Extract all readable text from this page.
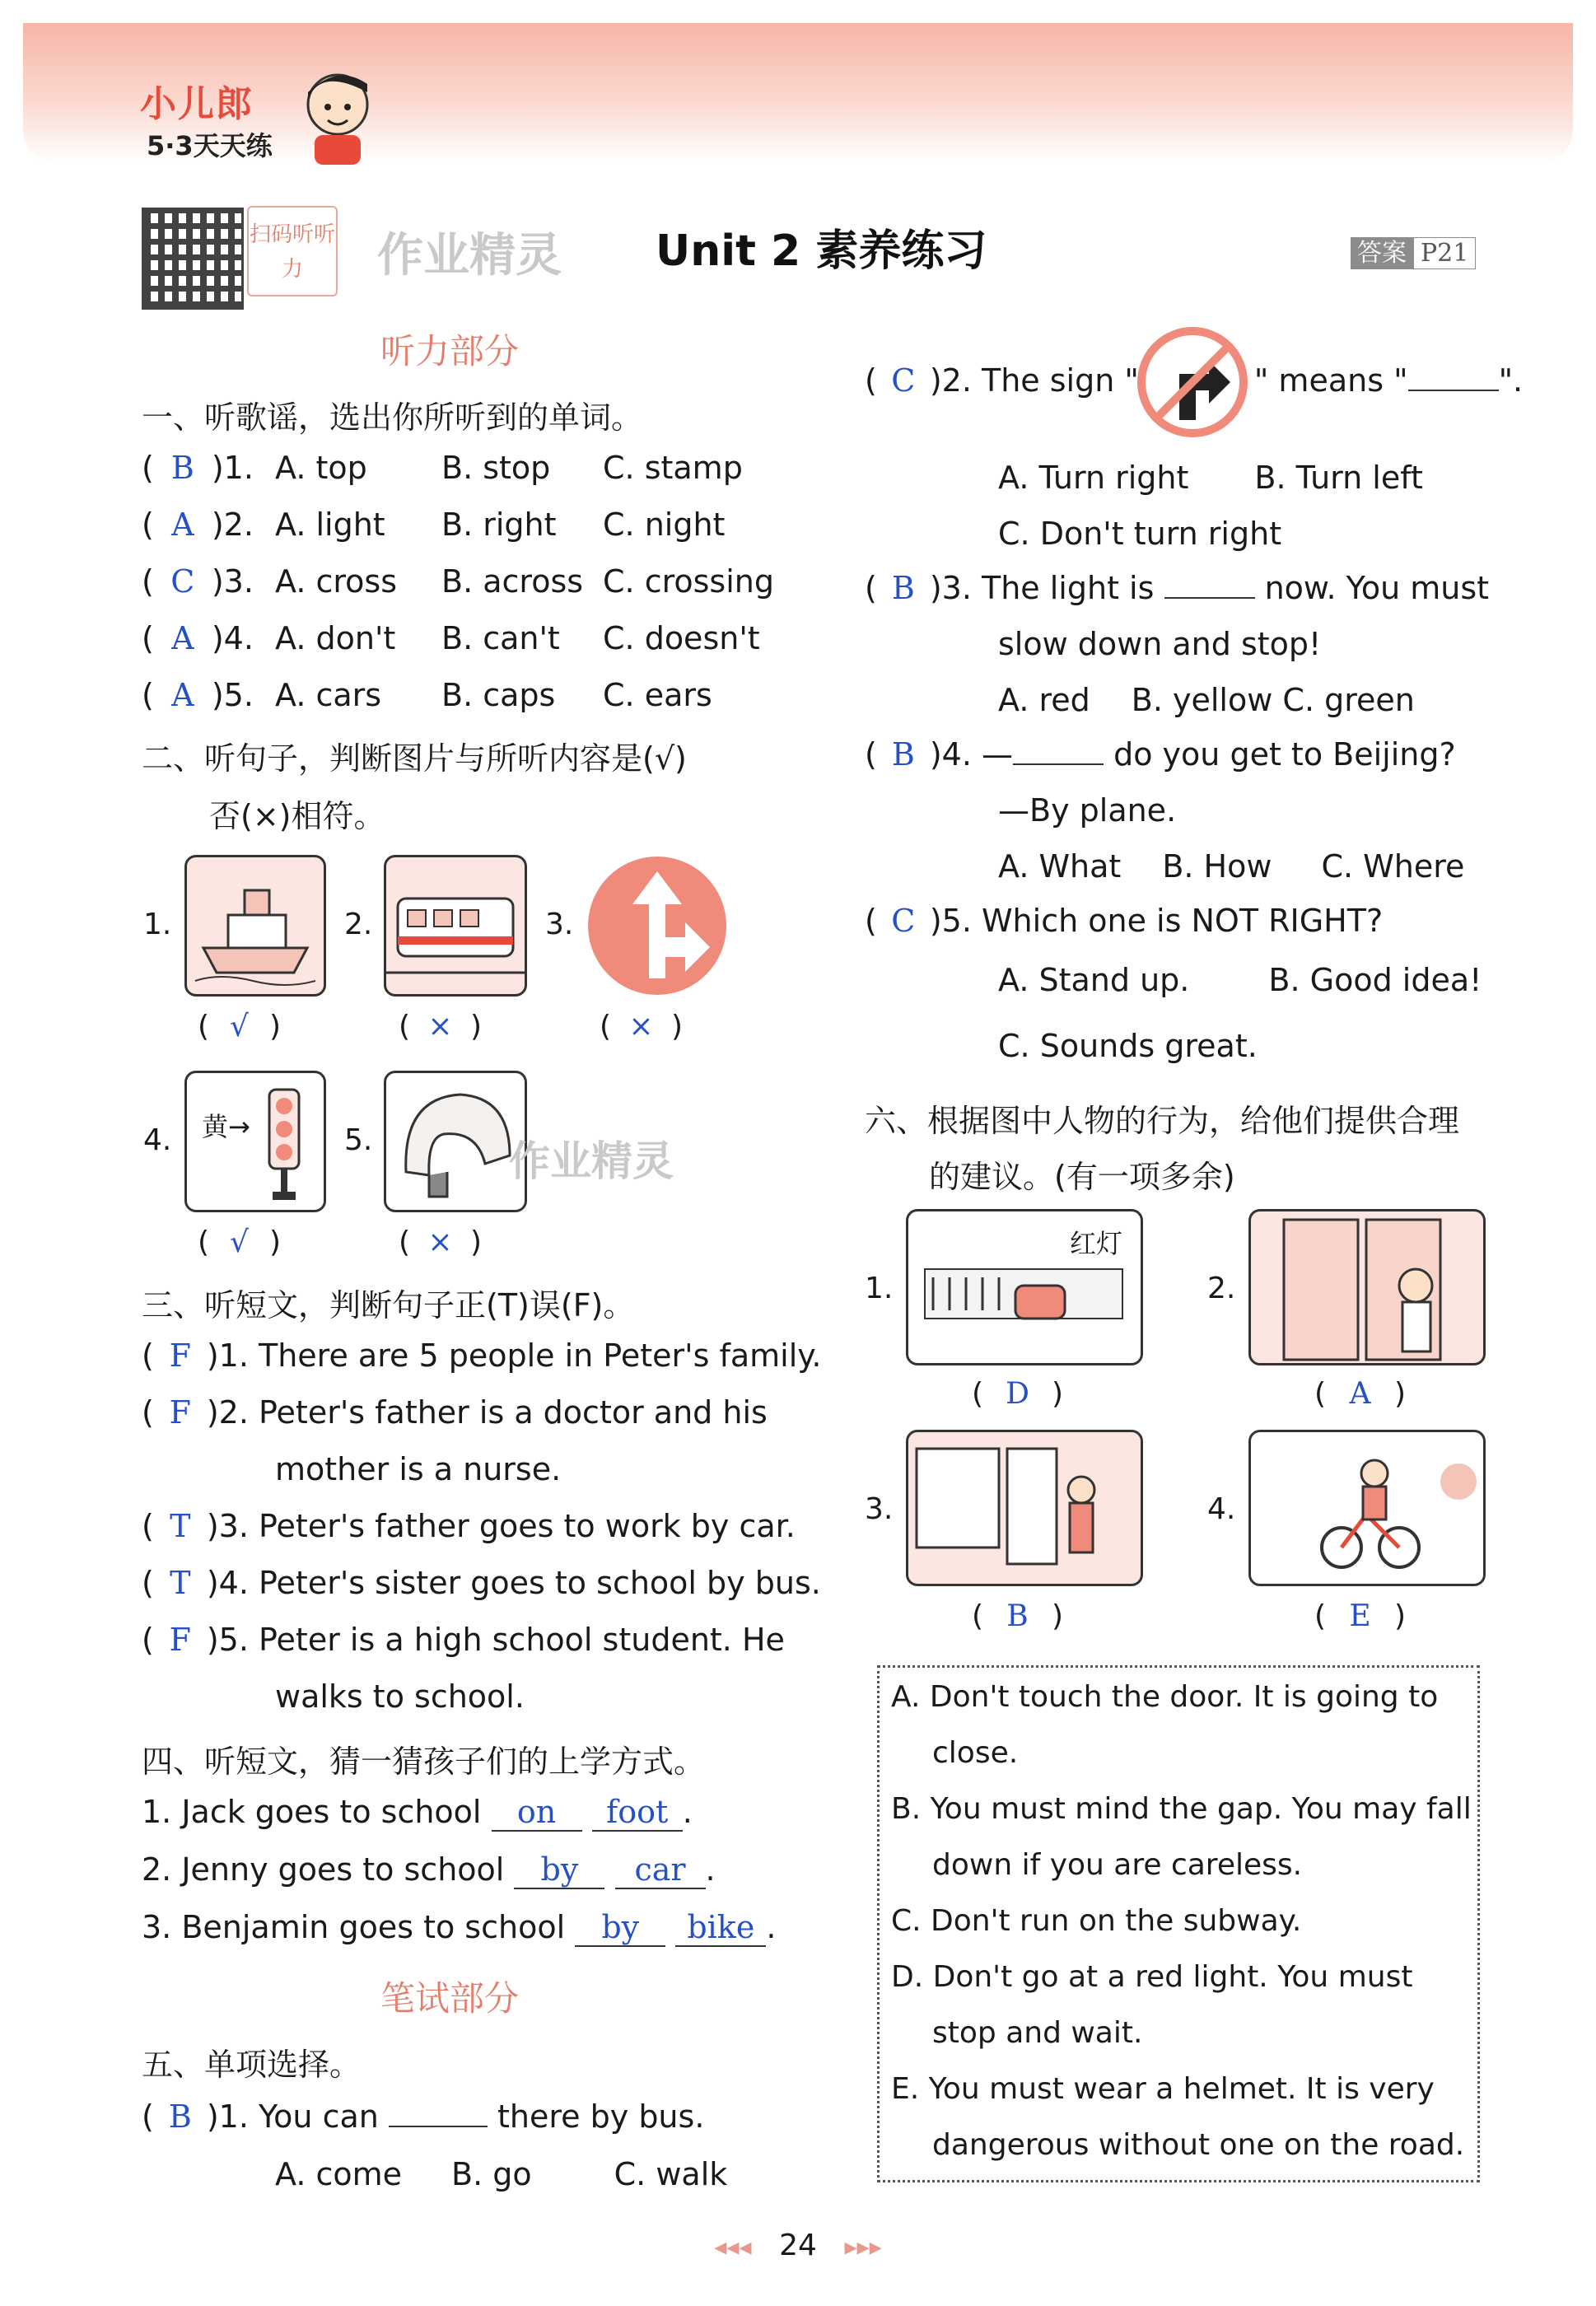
小儿郎
5·3天天练
扫码听听力	作业精灵 Unit 2 素养练习	答案 P21
听力部分
一、听歌谣，选出你所听到的单词。
( B )1. A. top	B. stop	C. stamp
( A )2. A. light	B. right	C. night
( C )3. A. cross	B. across C. crossing
( A )4. A. don't	B. can't	C. doesn't
( A )5. A. cars	B. caps	C. ears
二、听句子，判断图片与所听内容是(√)
否(×)相符。
1.
( √ )
2.
( × )
3.
( × )
4. 黄→
( √ )
5.
( × )
作业精灵
三、听短文，判断句子正(T)误(F)。
( F )1. There are 5 people in Peter's family.
( F )2. Peter's father is a doctor and his
mother is a nurse.
( T )3. Peter's father goes to work by car.
( T )4. Peter's sister goes to school by bus.
( F )5. Peter is a high school student. He
walks to school.
四、听短文，猜一猜孩子们的上学方式。
1. Jack goes to school on foot .
2. Jenny goes to school by car .
3. Benjamin goes to school by bike .
笔试部分
五、单项选择。
( B )1. You can	there by bus.
A. come B. go	C. walk
( C )2. The sign "	" means "	".
A. Turn right B. Turn left
C. Don't turn right
( B )3. The light is	now. You must
slow down and stop!
A. red B. yellow C. green
( B )4. —	do you get to Beijing?
—By plane.
A. What B. How C. Where
( C )5. Which one is NOT RIGHT?
A. Stand up.	B. Good idea!
C. Sounds great.
六、根据图中人物的行为，给他们提供合理
的建议。(有一项多余)
1.
红灯
( D )
2.
( A )
3.
( B )
4.
( E )
A. Don't touch the door. It is going to
close.
B. You must mind the gap. You may fall
down if you are careless.
C. Don't run on the subway.
D. Don't go at a red light. You must
stop and wait.
E. You must wear a helmet. It is very
dangerous without one on the road.
◂◂◂ 24 ▸▸▸
